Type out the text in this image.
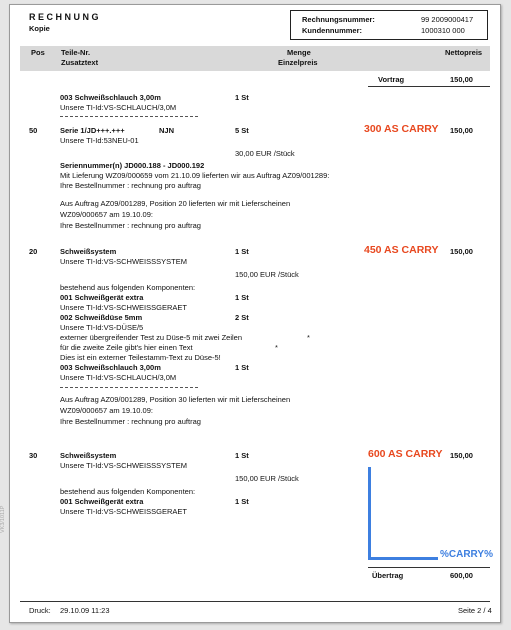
RECHNUNG
Kopie
Rechnungsnummer:	99 2009000417
Kundennummer:	1000310 000
Pos Teile-Nr.
Zusatztext
Menge
Einzelpreis
Nettopreis
Vortrag	150,00
003 Schweißschlauch 3,00m	1 St
Unsere TI-Id:VS-SCHLAUCH/3,0M
50	Serie 1/JD+++.+++	NJN	5 St	300 AS CARRY 150,00
Unsere TI-Id:53NEU-01
30,00 EUR /Stück
Seriennummer(n) JD000.188 - JD000.192
Mit Lieferung WZ09/000659 vom 21.10.09 lieferten wir aus Auftrag AZ09/001289:
Ihre Bestellnummer : rechnung pro auftrag
Aus Auftrag AZ09/001289, Position 20 lieferten wir mit Lieferscheinen
WZ09/000657 am 19.10.09:
Ihre Bestellnummer : rechnung pro auftrag
20	Schweißsystem	1 St	450 AS CARRY 150,00
Unsere TI-Id:VS-SCHWEISSSYSTEM
150,00 EUR /Stück
bestehend aus folgenden Komponenten:
001 Schweißgerät extra	1 St
Unsere TI-Id:VS-SCHWEISSGERAET
002 Schweißdüse 5mm	2 St
Unsere TI-Id:VS-DÜSE/5
externer übergreifender Test zu Düse-5 mit zwei Zeilen	*
für die zweite Zeile gibt's hier einen Text	*
Dies ist ein externer Teilestamm-Text zu Düse-5!
003 Schweißschlauch 3,00m	1 St
Unsere TI-Id:VS-SCHLAUCH/3,0M
Aus Auftrag AZ09/001289, Position 30 lieferten wir mit Lieferscheinen
WZ09/000657 am 19.10.09:
Ihre Bestellnummer : rechnung pro auftrag
30	Schweißsystem	1 St	600 AS CARRY 150,00
Unsere TI-Id:VS-SCHWEISSSYSTEM
150,00 EUR /Stück
bestehend aus folgenden Komponenten:
001 Schweißgerät extra	1 St
Unsere TI-Id:VS-SCHWEISSGERAET
%CARRY%
Übertrag	600,00
VK3/1011P
Druck: 29.10.09 11:23	Seite 2 / 4
